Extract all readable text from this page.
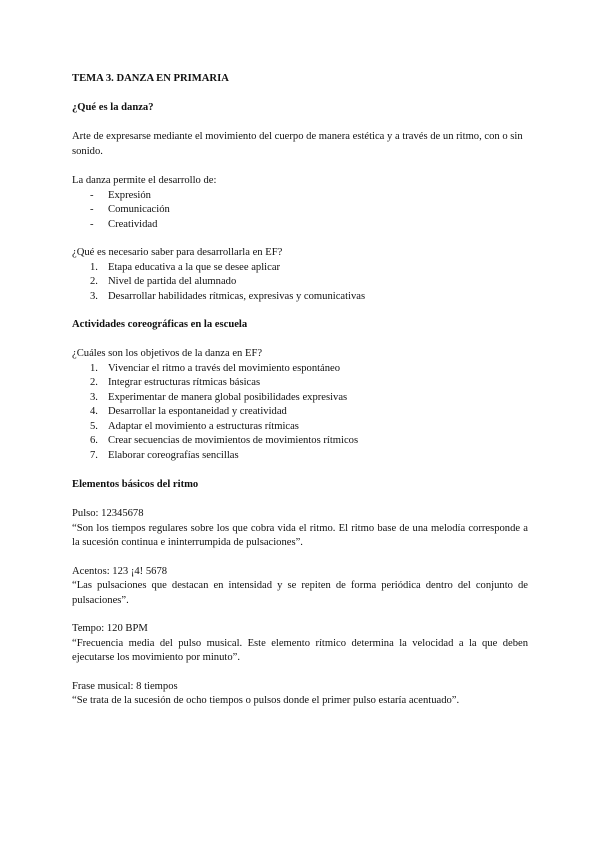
TEMA 3. DANZA EN PRIMARIA
¿Qué es la danza?

Arte de expresarse mediante el movimiento del cuerpo de manera estética y a través de un ritmo, con o sin sonido.

La danza permite el desarrollo de:

-	Expresión
-	Comunicación
-	Creatividad

¿Qué es necesario saber para desarrollarla en EF?

1. Etapa educativa a la que se desee aplicar
2. Nivel de partida del alumnado
3. Desarrollar habilidades rítmicas, expresivas y comunicativas
Actividades coreográficas en la escuela

¿Cuáles son los objetivos de la danza en EF?

1. Vivenciar el ritmo a través del movimiento espontáneo
2. Integrar estructuras rítmicas básicas
3. Experimentar de manera global posibilidades expresivas
4. Desarrollar la espontaneidad y creatividad
5. Adaptar el movimiento a estructuras rítmicas
6. Crear secuencias de movimientos de movimientos rítmicos
7. Elaborar coreografías sencillas
Elementos básicos del ritmo

Pulso: 12345678

“Son los tiempos regulares sobre los que cobra vida el ritmo. El ritmo base de una melodía corresponde a la sucesión continua e ininterrumpida de pulsaciones”.

Acentos: 123 ¡4! 5678

“Las pulsaciones que destacan en intensidad y se repiten de forma periódica dentro del conjunto de pulsaciones”.

Tempo: 120 BPM

“Frecuencia media del pulso musical. Este elemento rítmico determina la velocidad a la que deben ejecutarse los movimiento por minuto”.

Frase musical: 8 tiempos

“Se trata de la sucesión de ocho tiempos o pulsos donde el primer pulso estaría acentuado”.
